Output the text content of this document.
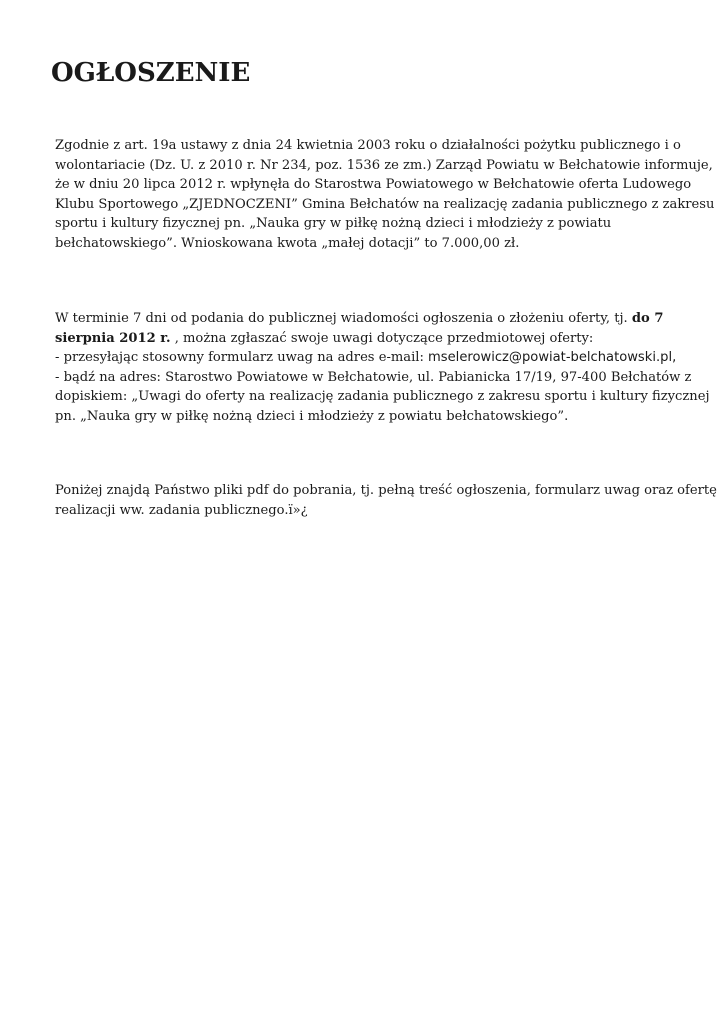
OGŁOSZENIE
Zgodnie z art. 19a ustawy z dnia 24 kwietnia 2003 roku o działalności pożytku publicznego i o
wolontariacie (Dz. U. z 2010 r. Nr 234, poz. 1536 ze zm.) Zarząd Powiatu w Bełchatowie informuje,
że w dniu 20 lipca 2012 r. wpłynęła do Starostwa Powiatowego w Bełchatowie oferta Ludowego
Klubu Sportowego „ZJEDNOCZENI” Gmina Bełchatów na realizację zadania publicznego z zakresu
sportu i kultury fizycznej pn. „Nauka gry w piłkę nożną dzieci i młodzieży z powiatu
bełchatowskiego”. Wnioskowana kwota „małej dotacji” to 7.000,00 zł.
W terminie 7 dni od podania do publicznej wiadomości ogłoszenia o złożeniu oferty, tj. do 7
sierpnia 2012 r. , można zgłaszać swoje uwagi dotyczące przedmiotowej oferty:
- przesyłając stosowny formularz uwag na adres e-mail: mselerowicz@powiat-belchatowski.pl,
- bądź na adres: Starostwo Powiatowe w Bełchatowie, ul. Pabianicka 17/19, 97-400 Bełchatów z
dopiskiem: „Uwagi do oferty na realizację zadania publicznego z zakresu sportu i kultury fizycznej
pn. „Nauka gry w piłkę nożną dzieci i młodzieży z powiatu bełchatowskiego”.
Poniżej znajdą Państwo pliki pdf do pobrania, tj. pełną treść ogłoszenia, formularz uwag oraz ofertę
realizacji ww. zadania publicznego.ï»¿
